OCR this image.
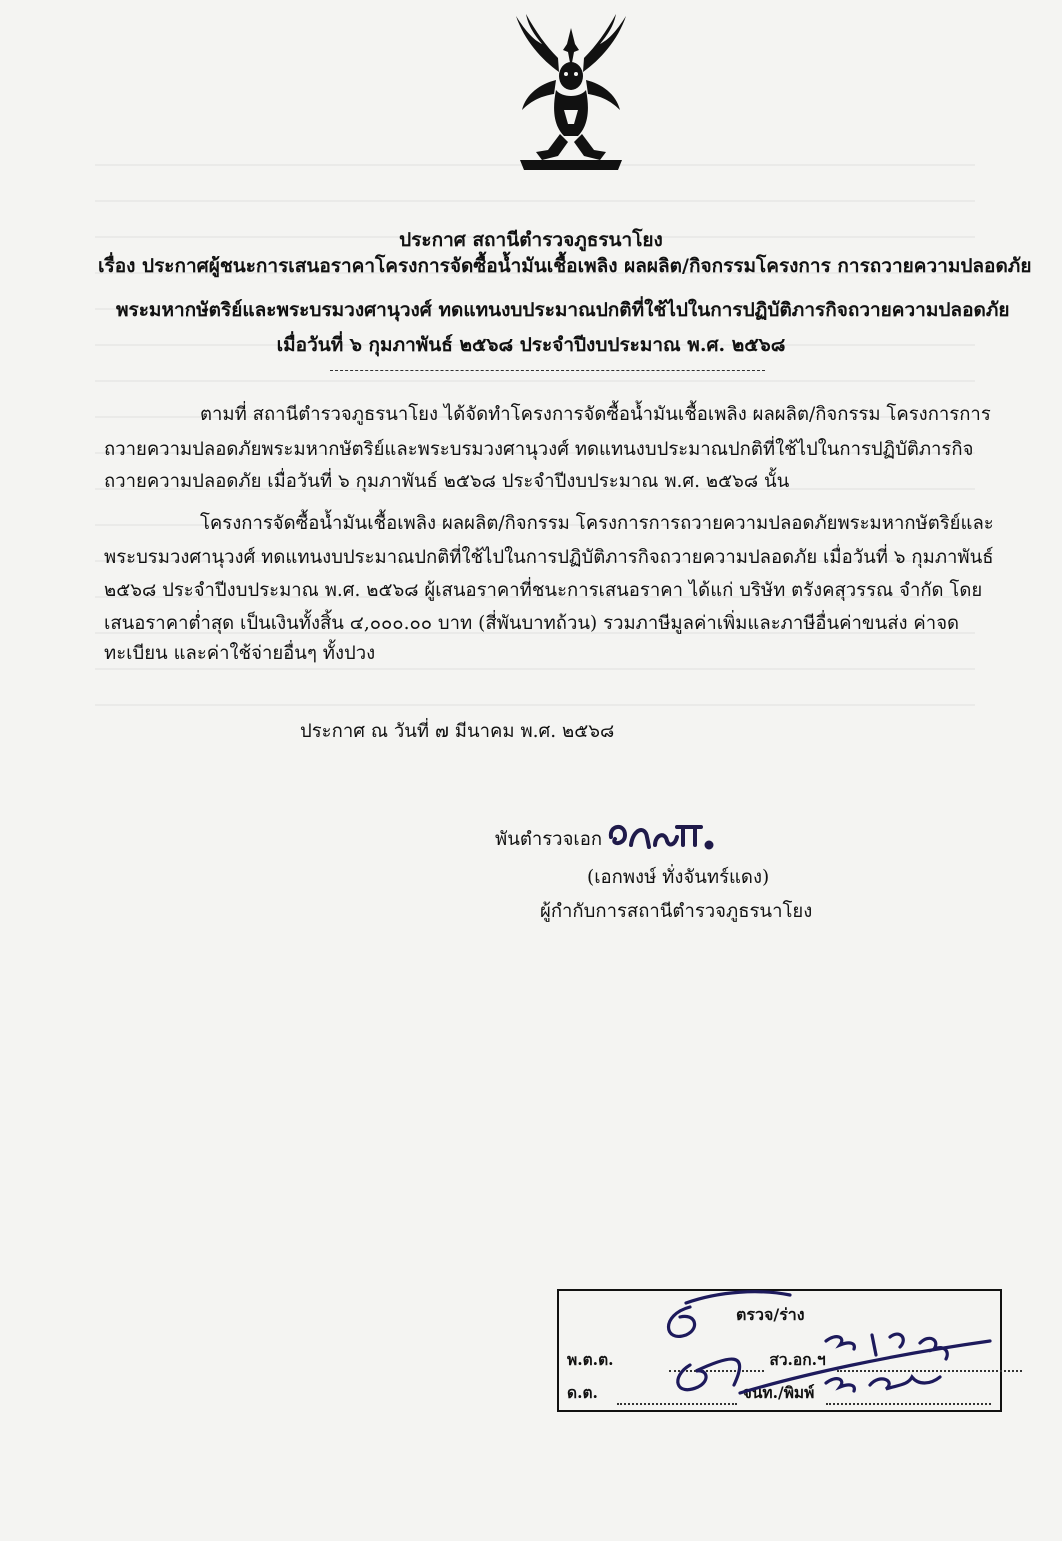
ประกาศ สถานีตำรวจภูธรนาโยง
เรื่อง ประกาศผู้ชนะการเสนอราคาโครงการจัดซื้อน้ำมันเชื้อเพลิง ผลผลิต/กิจกรรมโครงการ การถวายความปลอดภัย
พระมหากษัตริย์และพระบรมวงศานุวงศ์ ทดแทนงบประมาณปกติที่ใช้ไปในการปฏิบัติภารกิจถวายความปลอดภัย
เมื่อวันที่ ๖ กุมภาพันธ์ ๒๕๖๘ ประจำปีงบประมาณ พ.ศ. ๒๕๖๘
ตามที่ สถานีตำรวจภูธรนาโยง ได้จัดทำโครงการจัดซื้อน้ำมันเชื้อเพลิง ผลผลิต/กิจกรรม โครงการการ
ถวายความปลอดภัยพระมหากษัตริย์และพระบรมวงศานุวงศ์ ทดแทนงบประมาณปกติที่ใช้ไปในการปฏิบัติภารกิจ
ถวายความปลอดภัย เมื่อวันที่ ๖ กุมภาพันธ์ ๒๕๖๘ ประจำปีงบประมาณ พ.ศ. ๒๕๖๘ นั้น
โครงการจัดซื้อน้ำมันเชื้อเพลิง ผลผลิต/กิจกรรม โครงการการถวายความปลอดภัยพระมหากษัตริย์และ
พระบรมวงศานุวงศ์ ทดแทนงบประมาณปกติที่ใช้ไปในการปฏิบัติภารกิจถวายความปลอดภัย เมื่อวันที่ ๖ กุมภาพันธ์
๒๕๖๘ ประจำปีงบประมาณ พ.ศ. ๒๕๖๘ ผู้เสนอราคาที่ชนะการเสนอราคา ได้แก่ บริษัท ตรังคสุวรรณ จำกัด โดย
เสนอราคาต่ำสุด เป็นเงินทั้งสิ้น ๔,๐๐๐.๐๐ บาท (สี่พันบาทถ้วน) รวมภาษีมูลค่าเพิ่มและภาษีอื่นค่าขนส่ง ค่าจด
ทะเบียน และค่าใช้จ่ายอื่นๆ ทั้งปวง
ประกาศ ณ วันที่ ๗ มีนาคม พ.ศ. ๒๕๖๘
พันตำรวจเอก
(เอกพงษ์ ทั่งจันทร์แดง)
ผู้กำกับการสถานีตำรวจภูธรนาโยง
ตรวจ/ร่าง
พ.ต.ต.	สว.อก.ฯ
ด.ต.	จนท./พิมพ์
